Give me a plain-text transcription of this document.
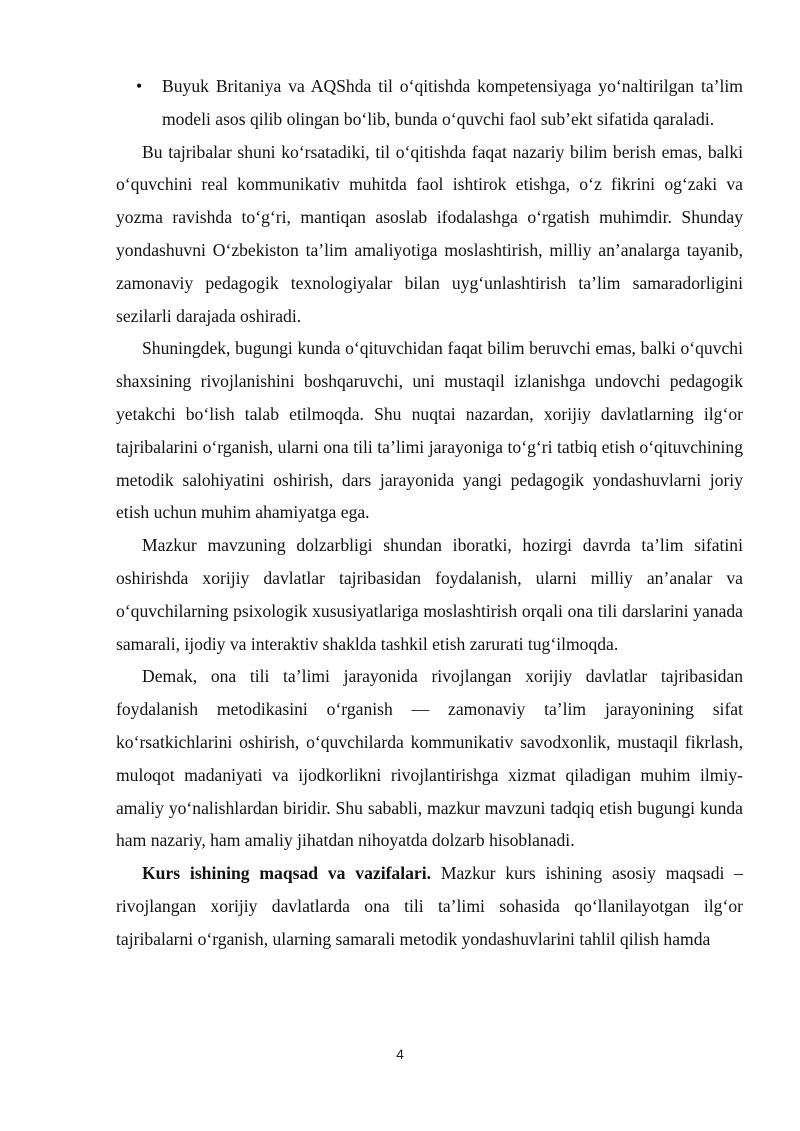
• Buyuk Britaniya va AQShda til o‘qitishda kompetensiyaga yo‘naltirilgan ta’lim modeli asos qilib olingan bo‘lib, bunda o‘quvchi faol sub’ekt sifatida qaraladi.

Bu tajribalar shuni ko‘rsatadiki, til o‘qitishda faqat nazariy bilim berish emas, balki o‘quvchini real kommunikativ muhitda faol ishtirok etishga, o‘z fikrini og‘zaki va yozma ravishda to‘g‘ri, mantiqan asoslab ifodalashga o‘rgatish muhimdir. Shunday yondashuvni O‘zbekiston ta’lim amaliyotiga moslashtirish, milliy an’analarga tayanib, zamonaviy pedagogik texnologiyalar bilan uyg‘unlashtirish ta’lim samaradorligini sezilarli darajada oshiradi.

Shuningdek, bugungi kunda o‘qituvchidan faqat bilim beruvchi emas, balki o‘quvchi shaxsining rivojlanishini boshqaruvchi, uni mustaqil izlanishga undovchi pedagogik yetakchi bo‘lish talab etilmoqda. Shu nuqtai nazardan, xorijiy davlatlarning ilg‘or tajribalarini o‘rganish, ularni ona tili ta’limi jarayoniga to‘g‘ri tatbiq etish o‘qituvchining metodik salohiyatini oshirish, dars jarayonida yangi pedagogik yondashuvlarni joriy etish uchun muhim ahamiyatga ega.

Mazkur mavzuning dolzarbligi shundan iboratki, hozirgi davrda ta’lim sifatini oshirishda xorijiy davlatlar tajribasidan foydalanish, ularni milliy an’analar va o‘quvchilarning psixologik xususiyatlariga moslashtirish orqali ona tili darslarini yanada samarali, ijodiy va interaktiv shaklda tashkil etish zarurati tug‘ilmoqda.

Demak, ona tili ta’limi jarayonida rivojlangan xorijiy davlatlar tajribasidan foydalanish metodikasini o‘rganish — zamonaviy ta’lim jarayonining sifat ko‘rsatkichlarini oshirish, o‘quvchilarda kommunikativ savodxonlik, mustaqil fikrlash, muloqot madaniyati va ijodkorlikni rivojlantirishga xizmat qiladigan muhim ilmiy-amaliy yo‘nalishlardan biridir. Shu sababli, mazkur mavzuni tadqiq etish bugungi kunda ham nazariy, ham amaliy jihatdan nihoyatda dolzarb hisoblanadi.

Kurs ishining maqsad va vazifalari. Mazkur kurs ishining asosiy maqsadi – rivojlangan xorijiy davlatlarda ona tili ta’limi sohasida qo‘llanilayotgan ilg‘or tajribalarni o‘rganish, ularning samarali metodik yondashuvlarini tahlil qilish hamda

4
